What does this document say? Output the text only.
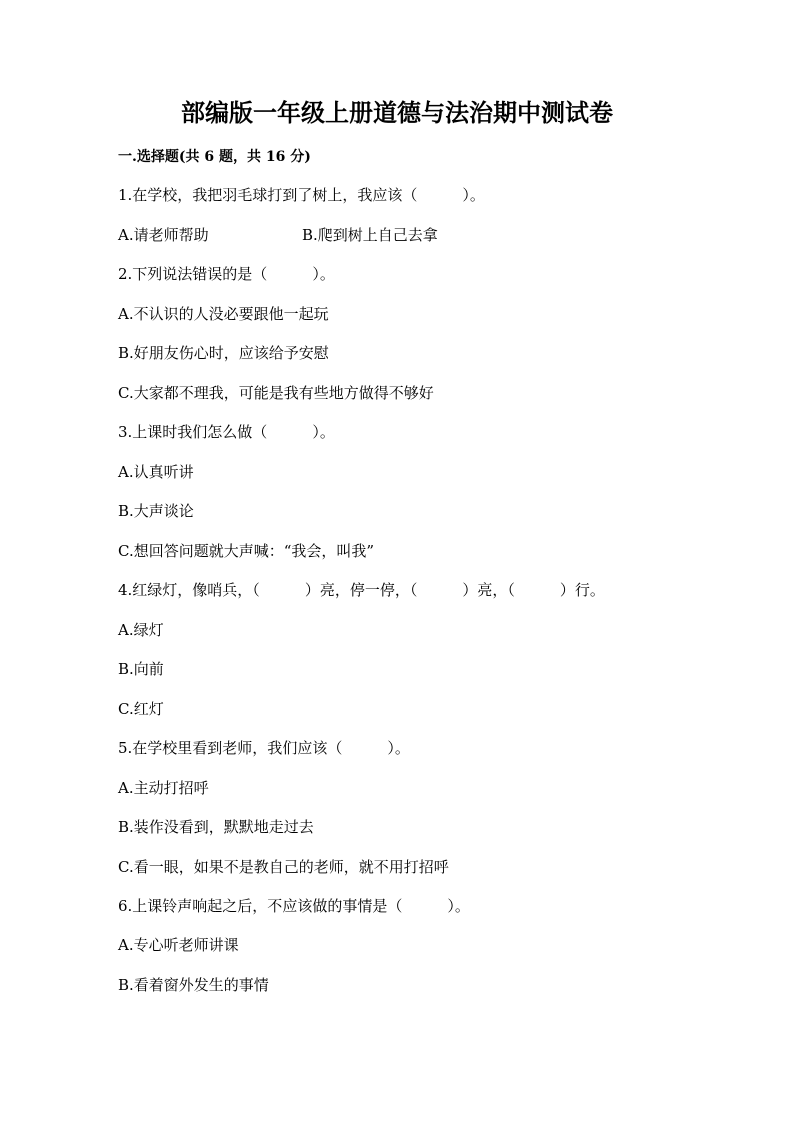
部编版一年级上册道德与法治期中测试卷
一.选择题(共 6 题，共 16 分)
1.在学校，我把羽毛球打到了树上，我应该（　　　）。
A.请老师帮助	B.爬到树上自己去拿
2.下列说法错误的是（　　　）。
A.不认识的人没必要跟他一起玩
B.好朋友伤心时，应该给予安慰
C.大家都不理我，可能是我有些地方做得不够好
3.上课时我们怎么做（　　　）。
A.认真听讲
B.大声谈论
C.想回答问题就大声喊：“我会，叫我”
4.红绿灯，像哨兵，（　　　）亮，停一停，（　　　）亮，（　　　）行。
A.绿灯
B.向前
C.红灯
5.在学校里看到老师，我们应该（　　　）。
A.主动打招呼
B.装作没看到，默默地走过去
C.看一眼，如果不是教自己的老师，就不用打招呼
6.上课铃声响起之后，不应该做的事情是（　　　）。
A.专心听老师讲课
B.看着窗外发生的事情
